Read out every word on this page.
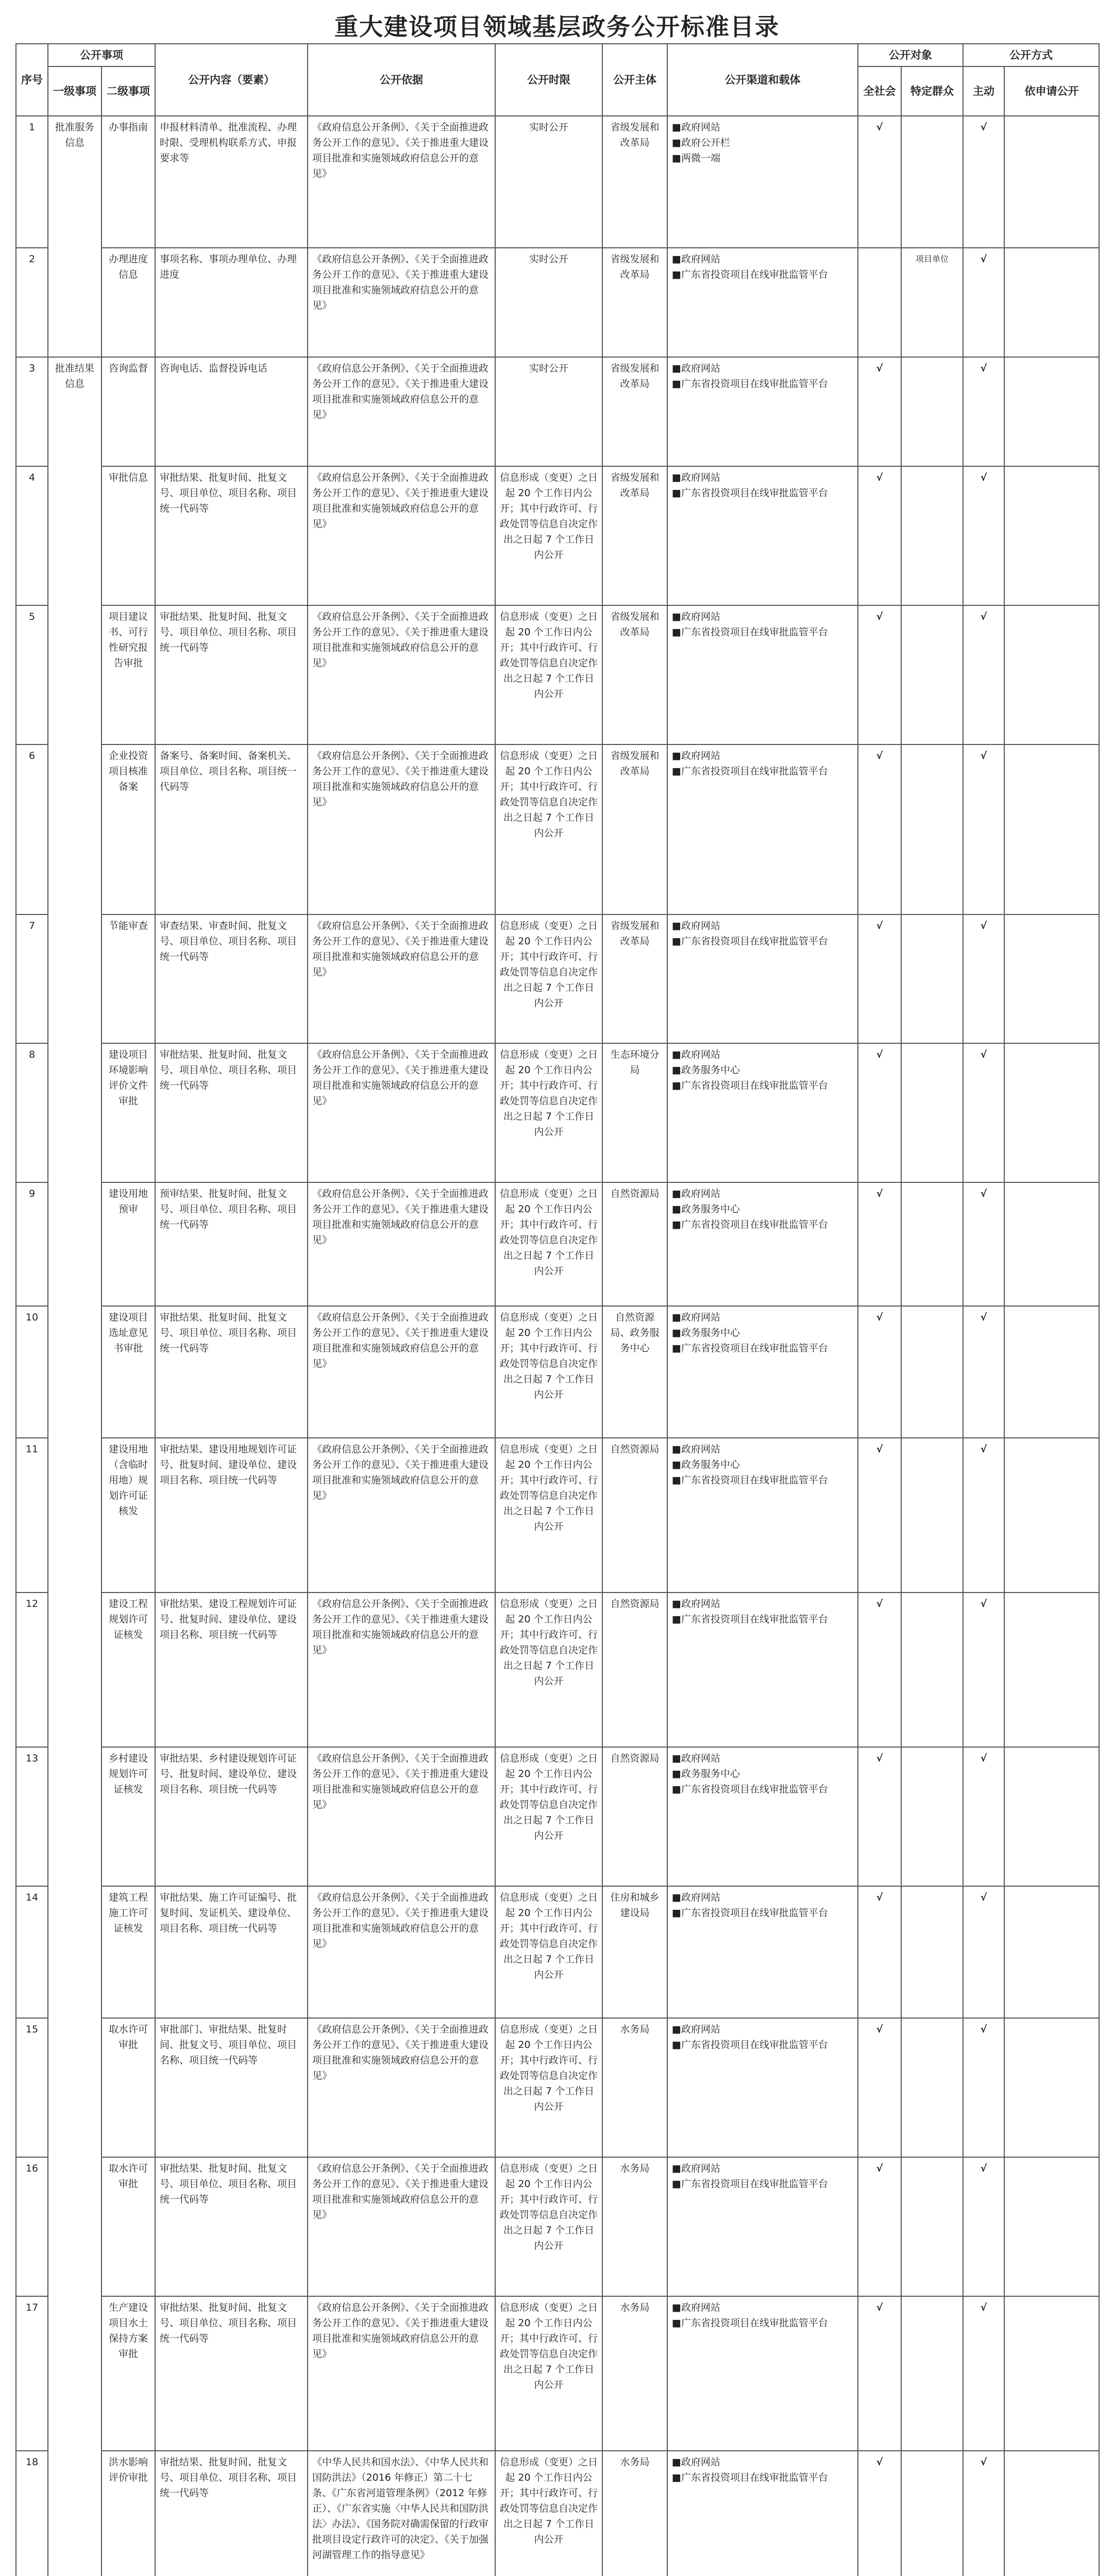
重大建设项目领域基层政务公开标准目录
序号	公开事项		公开内容（要素）	公开依据	公开时限	公开主体	公开渠道和载体	公开对象		公开方式	
	一级事项	二级事项						全社会	特定群众	主动	依申请公开
1	批准服务信息	办事指南	申报材料清单、批准流程、办理时限、受理机构联系方式、申报要求等	《政府信息公开条例》、《关于全面推进政务公开工作的意见》、《关于推进重大建设项目批准和实施领域政府信息公开的意见》	实时公开	省级发展和改革局	■政府网站
■政府公开栏
■两微一端	√		√	
2		办理进度信息	事项名称、事项办理单位、办理进度	《政府信息公开条例》、《关于全面推进政务公开工作的意见》、《关于推进重大建设项目批准和实施领域政府信息公开的意见》	实时公开	省级发展和改革局	■政府网站
■广东省投资项目在线审批监管平台		项目单位	√	
3	批准结果信息	咨询监督	咨询电话、监督投诉电话	《政府信息公开条例》、《关于全面推进政务公开工作的意见》、《关于推进重大建设项目批准和实施领域政府信息公开的意见》	实时公开	省级发展和改革局	■政府网站
■广东省投资项目在线审批监管平台	√		√	
4		审批信息	审批结果、批复时间、批复文号、项目单位、项目名称、项目统一代码等	《政府信息公开条例》、《关于全面推进政务公开工作的意见》、《关于推进重大建设项目批准和实施领域政府信息公开的意见》	信息形成（变更）之日起 20 个工作日内公开；其中行政许可、行政处罚等信息自决定作出之日起 7 个工作日内公开	省级发展和改革局	■政府网站
■广东省投资项目在线审批监管平台	√		√	
5		项目建议书、可行性研究报告审批	审批结果、批复时间、批复文号、项目单位、项目名称、项目统一代码等	《政府信息公开条例》、《关于全面推进政务公开工作的意见》、《关于推进重大建设项目批准和实施领域政府信息公开的意见》	信息形成（变更）之日起 20 个工作日内公开；其中行政许可、行政处罚等信息自决定作出之日起 7 个工作日内公开	省级发展和改革局	■政府网站
■广东省投资项目在线审批监管平台	√		√	
6		企业投资项目核准备案	备案号、备案时间、备案机关、项目单位、项目名称、项目统一代码等	《政府信息公开条例》、《关于全面推进政务公开工作的意见》、《关于推进重大建设项目批准和实施领域政府信息公开的意见》	信息形成（变更）之日起 20 个工作日内公开；其中行政许可、行政处罚等信息自决定作出之日起 7 个工作日内公开	省级发展和改革局	■政府网站
■广东省投资项目在线审批监管平台	√		√	
7		节能审查	审查结果、审查时间、批复文号、项目单位、项目名称、项目统一代码等	《政府信息公开条例》、《关于全面推进政务公开工作的意见》、《关于推进重大建设项目批准和实施领域政府信息公开的意见》	信息形成（变更）之日起 20 个工作日内公开；其中行政许可、行政处罚等信息自决定作出之日起 7 个工作日内公开	省级发展和改革局	■政府网站
■广东省投资项目在线审批监管平台	√		√	
8		建设项目环境影响评价文件审批	审批结果、批复时间、批复文号、项目单位、项目名称、项目统一代码等	《政府信息公开条例》、《关于全面推进政务公开工作的意见》、《关于推进重大建设项目批准和实施领域政府信息公开的意见》	信息形成（变更）之日起 20 个工作日内公开；其中行政许可、行政处罚等信息自决定作出之日起 7 个工作日内公开	生态环境分局	■政府网站
■政务服务中心
■广东省投资项目在线审批监管平台	√		√	
9		建设用地预审	预审结果、批复时间、批复文号、项目单位、项目名称、项目统一代码等	《政府信息公开条例》、《关于全面推进政务公开工作的意见》、《关于推进重大建设项目批准和实施领域政府信息公开的意见》	信息形成（变更）之日起 20 个工作日内公开；其中行政许可、行政处罚等信息自决定作出之日起 7 个工作日内公开	自然资源局	■政府网站
■政务服务中心
■广东省投资项目在线审批监管平台	√		√	
10		建设项目选址意见书审批	审批结果、批复时间、批复文号、项目单位、项目名称、项目统一代码等	《政府信息公开条例》、《关于全面推进政务公开工作的意见》、《关于推进重大建设项目批准和实施领域政府信息公开的意见》	信息形成（变更）之日起 20 个工作日内公开；其中行政许可、行政处罚等信息自决定作出之日起 7 个工作日内公开	自然资源局、政务服务中心	■政府网站
■政务服务中心
■广东省投资项目在线审批监管平台	√		√	
11		建设用地（含临时用地）规划许可证核发	审批结果、建设用地规划许可证号、批复时间、建设单位、建设项目名称、项目统一代码等	《政府信息公开条例》、《关于全面推进政务公开工作的意见》、《关于推进重大建设项目批准和实施领域政府信息公开的意见》	信息形成（变更）之日起 20 个工作日内公开；其中行政许可、行政处罚等信息自决定作出之日起 7 个工作日内公开	自然资源局	■政府网站
■政务服务中心
■广东省投资项目在线审批监管平台	√		√	
12		建设工程规划许可证核发	审批结果、建设工程规划许可证号、批复时间、建设单位、建设项目名称、项目统一代码等	《政府信息公开条例》、《关于全面推进政务公开工作的意见》、《关于推进重大建设项目批准和实施领域政府信息公开的意见》	信息形成（变更）之日起 20 个工作日内公开；其中行政许可、行政处罚等信息自决定作出之日起 7 个工作日内公开	自然资源局	■政府网站
■广东省投资项目在线审批监管平台	√		√	
13		乡村建设规划许可证核发	审批结果、乡村建设规划许可证号、批复时间、建设单位、建设项目名称、项目统一代码等	《政府信息公开条例》、《关于全面推进政务公开工作的意见》、《关于推进重大建设项目批准和实施领域政府信息公开的意见》	信息形成（变更）之日起 20 个工作日内公开；其中行政许可、行政处罚等信息自决定作出之日起 7 个工作日内公开	自然资源局	■政府网站
■政务服务中心
■广东省投资项目在线审批监管平台	√		√	
14		建筑工程施工许可证核发	审批结果、施工许可证编号、批复时间、发证机关、建设单位、项目名称、项目统一代码等	《政府信息公开条例》、《关于全面推进政务公开工作的意见》、《关于推进重大建设项目批准和实施领域政府信息公开的意见》	信息形成（变更）之日起 20 个工作日内公开；其中行政许可、行政处罚等信息自决定作出之日起 7 个工作日内公开	住房和城乡建设局	■政府网站
■广东省投资项目在线审批监管平台	√		√	
15		取水许可审批	审批部门、审批结果、批复时间、批复文号、项目单位、项目名称、项目统一代码等	《政府信息公开条例》、《关于全面推进政务公开工作的意见》、《关于推进重大建设项目批准和实施领域政府信息公开的意见》	信息形成（变更）之日起 20 个工作日内公开；其中行政许可、行政处罚等信息自决定作出之日起 7 个工作日内公开	水务局	■政府网站
■广东省投资项目在线审批监管平台	√		√	
16		取水许可审批	审批结果、批复时间、批复文号、项目单位、项目名称、项目统一代码等	《政府信息公开条例》、《关于全面推进政务公开工作的意见》、《关于推进重大建设项目批准和实施领域政府信息公开的意见》	信息形成（变更）之日起 20 个工作日内公开；其中行政许可、行政处罚等信息自决定作出之日起 7 个工作日内公开	水务局	■政府网站
■广东省投资项目在线审批监管平台	√		√	
17		生产建设项目水土保持方案审批	审批结果、批复时间、批复文号、项目单位、项目名称、项目统一代码等	《政府信息公开条例》、《关于全面推进政务公开工作的意见》、《关于推进重大建设项目批准和实施领域政府信息公开的意见》	信息形成（变更）之日起 20 个工作日内公开；其中行政许可、行政处罚等信息自决定作出之日起 7 个工作日内公开	水务局	■政府网站
■广东省投资项目在线审批监管平台	√		√	
18		洪水影响评价审批	审批结果、批复时间、批复文号、项目单位、项目名称、项目统一代码等	《中华人民共和国水法》、《中华人民共和国防洪法》（2016 年修正）第二十七条、《广东省河道管理条例》（2012 年修正）、《广东省实施〈中华人民共和国防洪法〉办法》、《国务院对确需保留的行政审批项目设定行政许可的决定》、《关于加强河湖管理工作的指导意见》	信息形成（变更）之日起 20 个工作日内公开；其中行政许可、行政处罚等信息自决定作出之日起 7 个工作日内公开	水务局	■政府网站
■广东省投资项目在线审批监管平台	√		√	
